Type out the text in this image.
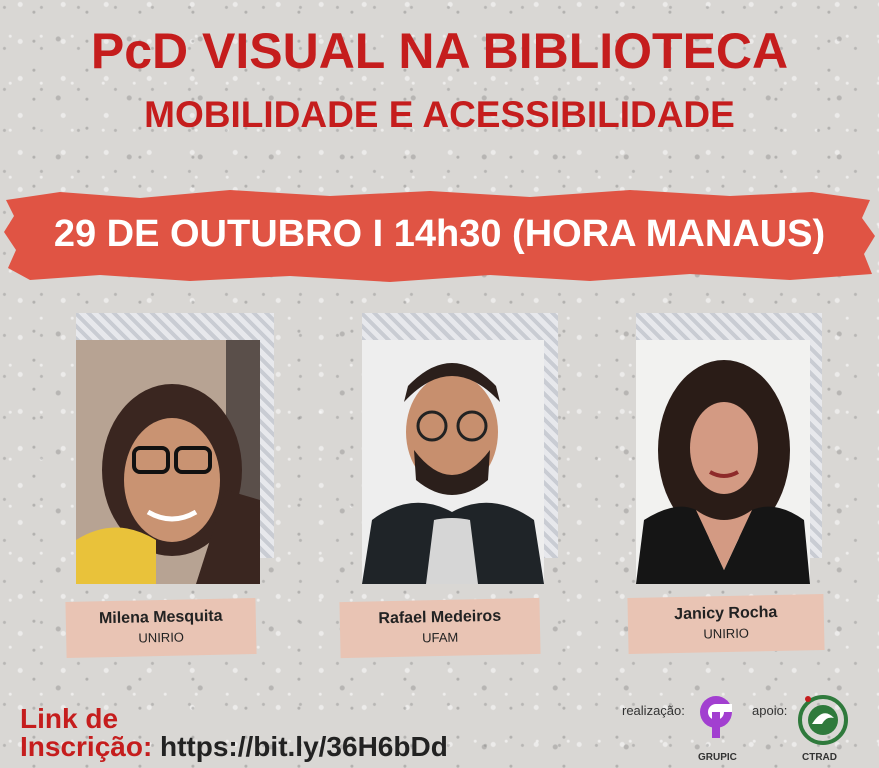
PcD VISUAL NA BIBLIOTECA
MOBILIDADE E ACESSIBILIDADE
29 DE OUTUBRO I 14h30 (HORA MANAUS)
Milena Mesquita
UNIRIO
Rafael Medeiros
UFAM
Janicy Rocha
UNIRIO

Link de

Inscrição: https://bit.ly/36H6bDd
realização:
GRUPIC
apoio:
CTRAD
